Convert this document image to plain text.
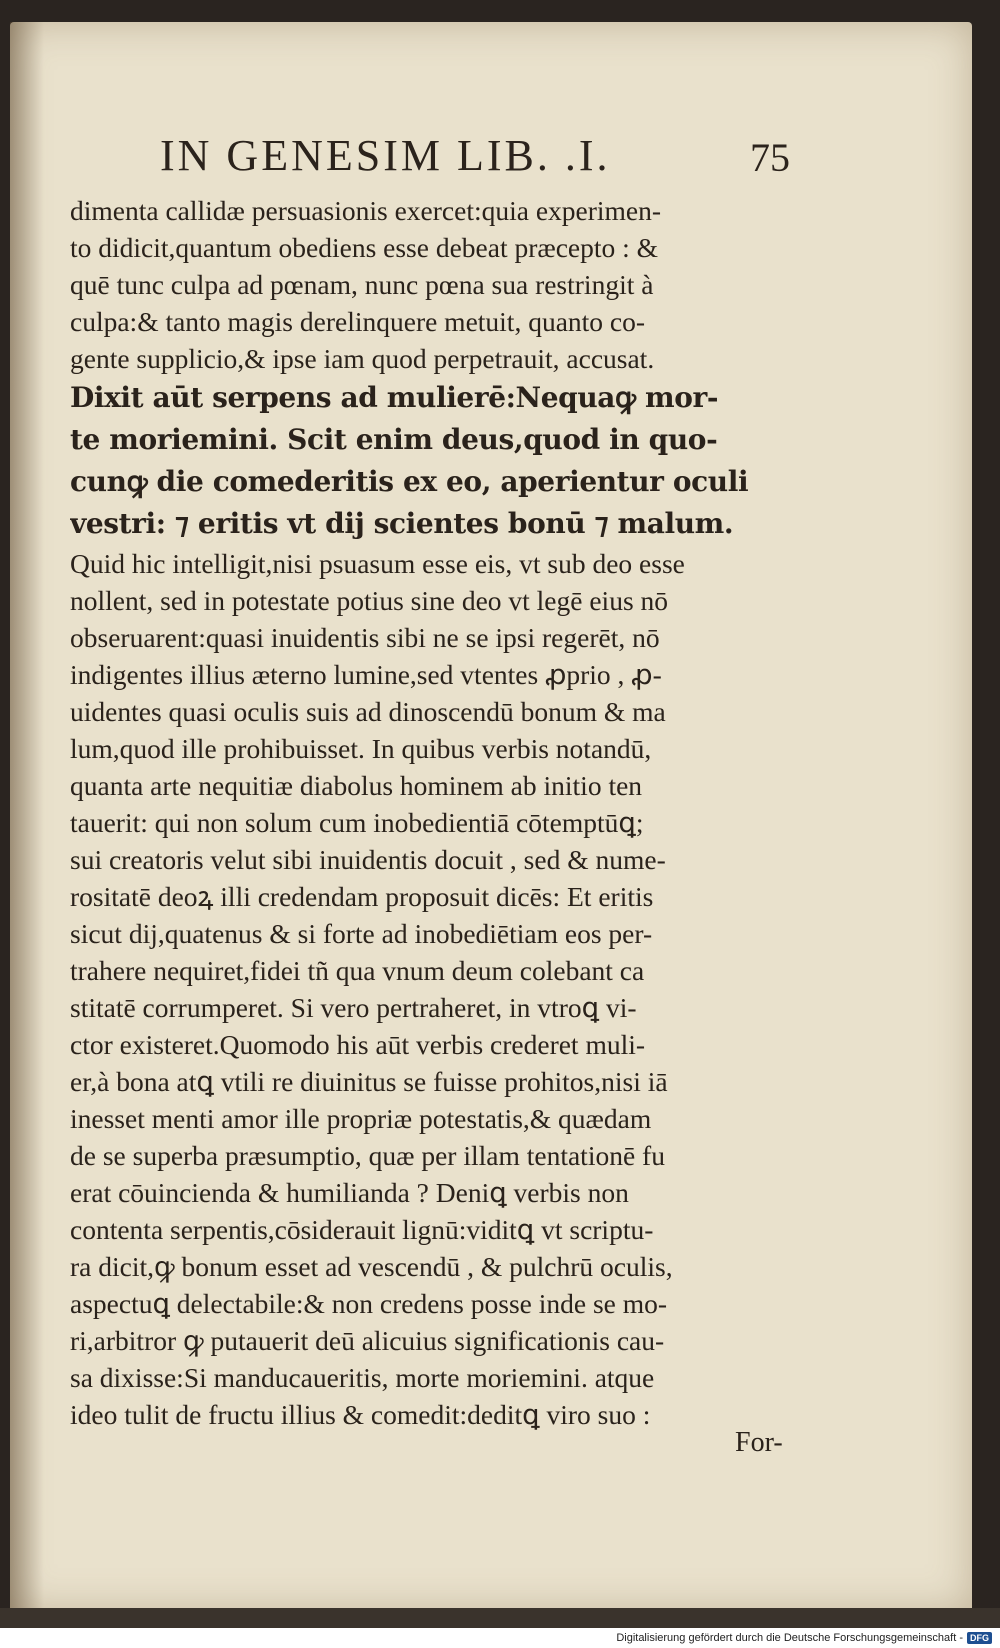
IN GENESIM LIB. .I.	75
dimenta callidæ persuasionis exercet:quia experimen-
to didicit,quantum obediens esse debeat præcepto : &
quē tunc culpa ad pœnam, nunc pœna sua restringit à
culpa:& tanto magis derelinquere metuit, quanto co-
gente supplicio,& ipse iam quod perpetrauit, accusat.
Dixit aūt serpens ad mulierē:Nequaꝙ mor-
te moriemini. Scit enim deus,quod in quo-
cunꝙ die comederitis ex eo, aperientur oculi
vestri: ⁊ eritis vt dij scientes bonū ⁊ malum.
Quid hic intelligit,nisi psuasum esse eis, vt sub deo esse
nollent, sed in potestate potius sine deo vt legē eius nō
obseruarent:quasi inuidentis sibi ne se ipsi regerēt, nō
indigentes illius æterno lumine,sed vtentes ꝓprio , ꝓ-
uidentes quasi oculis suis ad dinoscendū bonum & ma
lum,quod ille prohibuisset. In quibus verbis notandū,
quanta arte nequitiæ diabolus hominem ab initio ten
tauerit: qui non solum cum inobedientiā cōtemptūꝗ;
sui creatoris velut sibi inuidentis docuit , sed & nume-
rositatē deoꝝ illi credendam proposuit dicēs: Et eritis
sicut dij,quatenus & si forte ad inobediētiam eos per-
trahere nequiret,fidei tñ qua vnum deum colebant ca
stitatē corrumperet. Si vero pertraheret, in vtroꝗ vi-
ctor existeret.Quomodo his aūt verbis crederet muli-
er,à bona atꝗ vtili re diuinitus se fuisse prohitos,nisi iā
inesset menti amor ille propriæ potestatis,& quædam
de se superba præsumptio, quæ per illam tentationē fu
erat cōuincienda & humilianda ? Deniꝗ verbis non
contenta serpentis,cōsiderauit lignū:viditꝗ vt scriptu-
ra dicit,ꝙ bonum esset ad vescendū , & pulchrū oculis,
aspectuꝗ delectabile:& non credens posse inde se mo-
ri,arbitror ꝙ putauerit deū alicuius significationis cau-
sa dixisse:Si manducaueritis, morte moriemini. atque
ideo tulit de fructu illius & comedit:deditꝗ viro suo :
For-
Digitalisierung gefördert durch die Deutsche Forschungsgemeinschaft - DFG
